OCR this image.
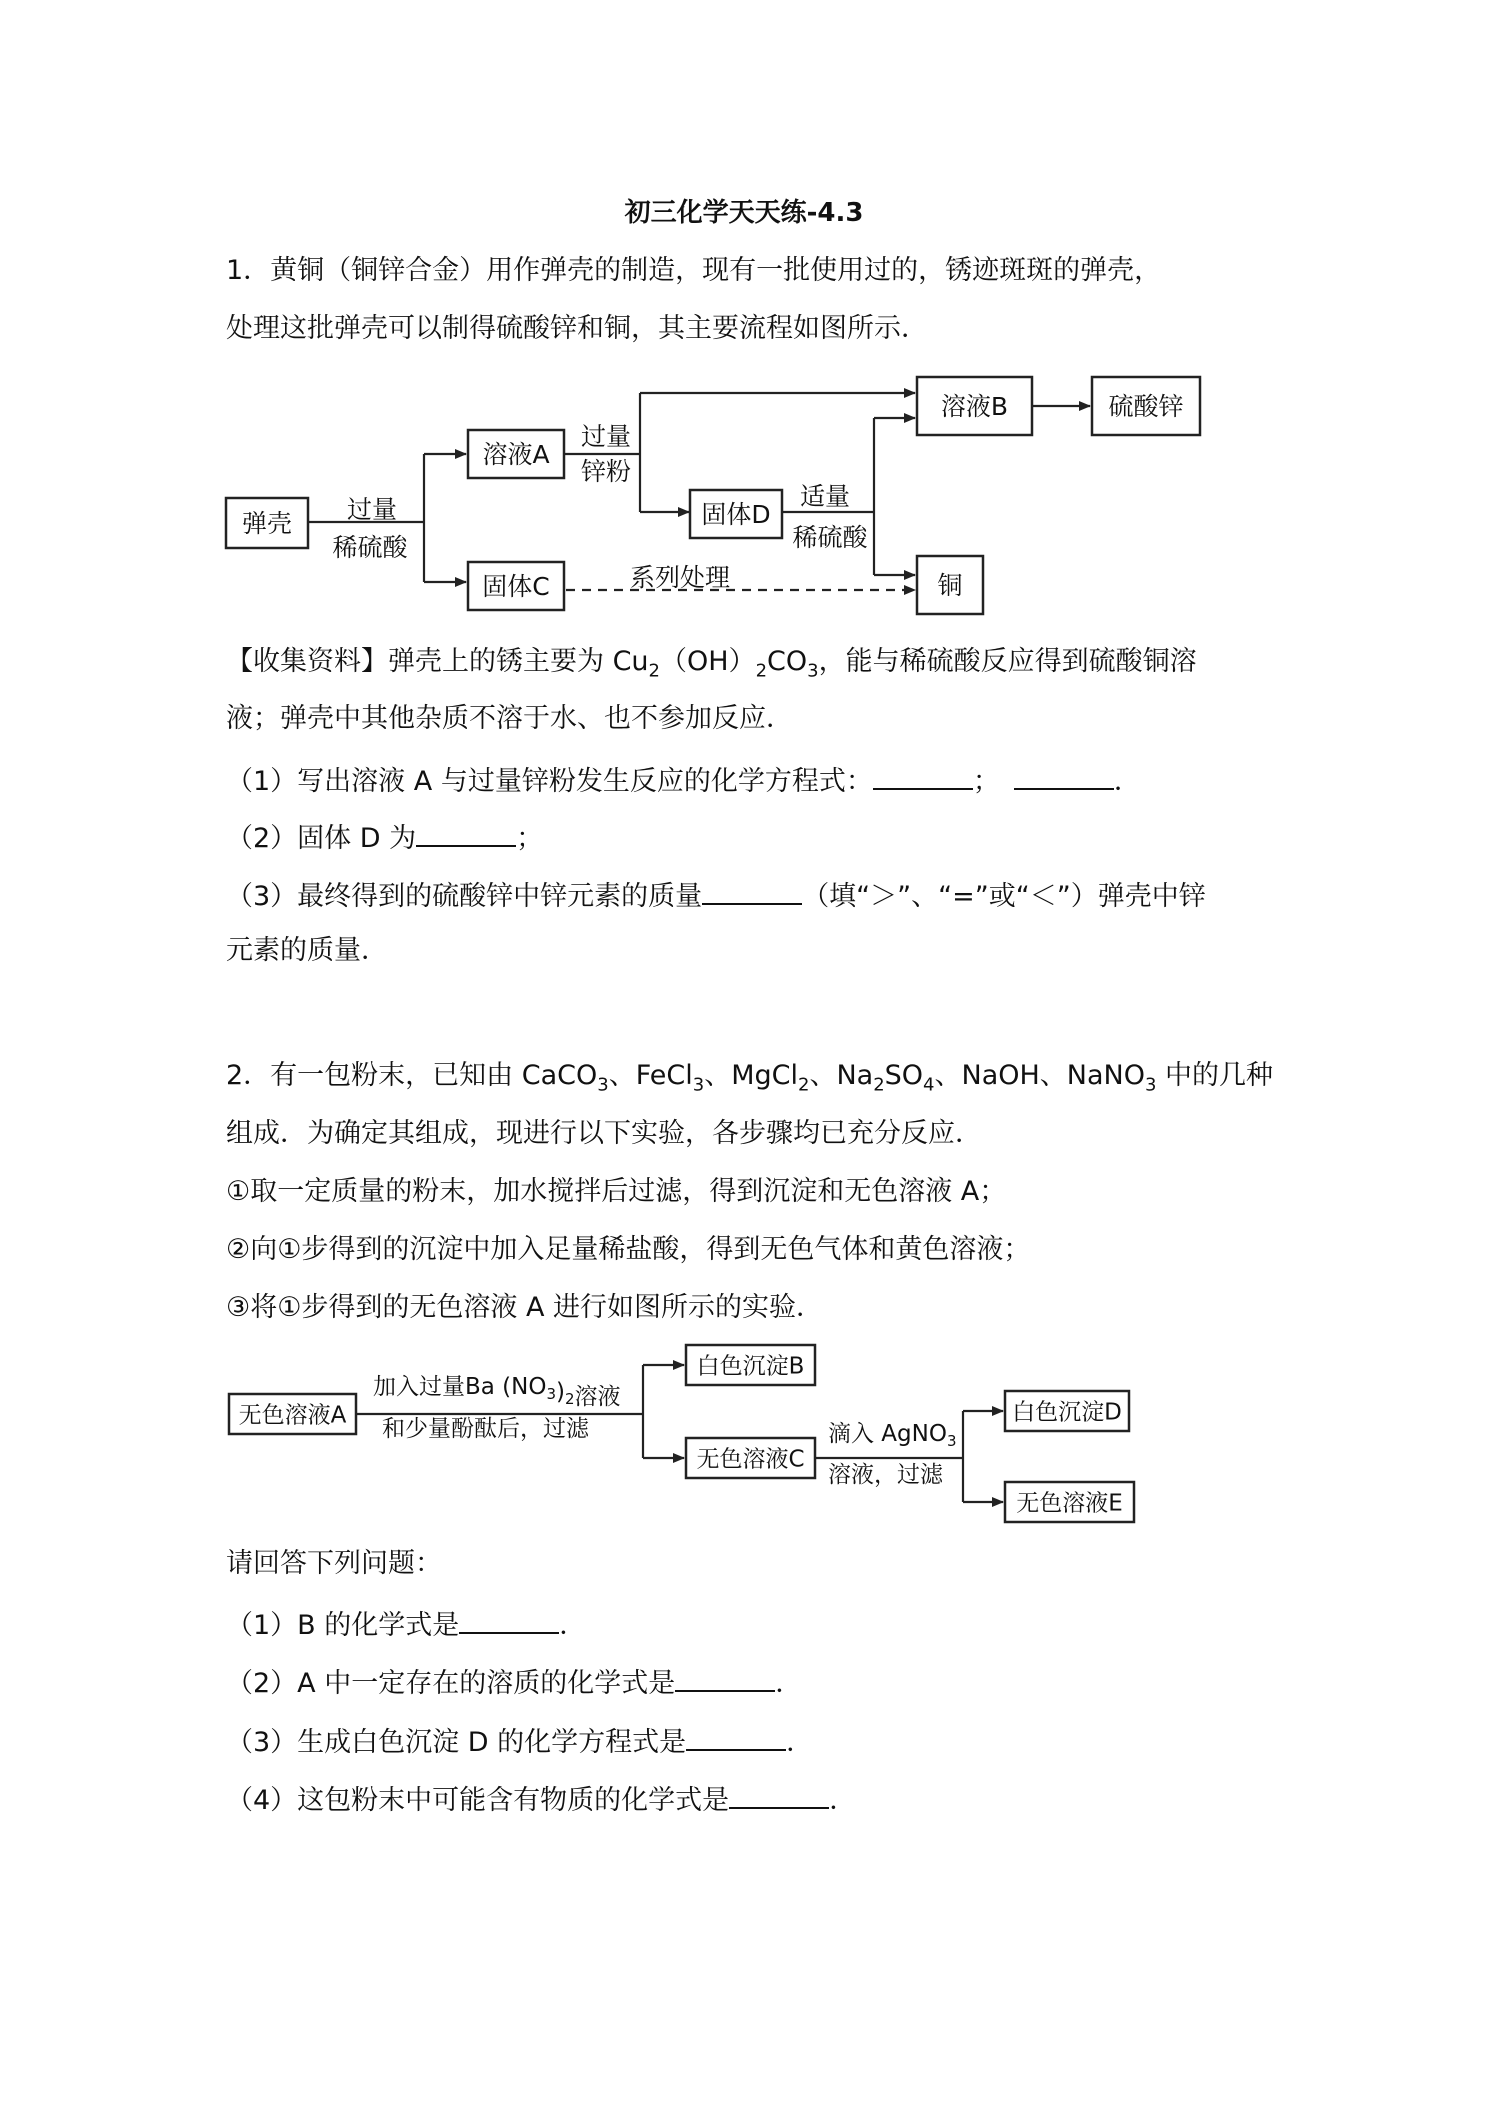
初三化学天天练-4.3
1．黄铜（铜锌合金）用作弹壳的制造，现有一批使用过的，锈迹斑斑的弹壳，
处理这批弹壳可以制得硫酸锌和铜，其主要流程如图所示．
弹壳
溶液A
固体C
固体D
溶液B	硫酸锌
铜
过量
稀硫酸
过量
锌粉
适量
稀硫酸
系列处理
【收集资料】弹壳上的锈主要为 $Cu_2(OH)_2CO_3$，能与稀硫酸反应得到硫酸铜溶
液；弹壳中其他杂质不溶于水、也不参加反应．
（1）写出溶液 A 与过量锌粉发生反应的化学方程式：	；	．
（2）固体 D 为	；
（3）最终得到的硫酸锌中锌元素的质量	（填“＞”、“=”或“＜”）弹壳中锌
元素的质量．
2．有一包粉末，已知由 CaCO$_3$、FeCl$_3$、MgCl$_2$、$Na_2SO_4$、NaOH、NaNO$_3$ 中的几种
组成．为确定其组成，现进行以下实验，各步骤均已充分反应．
①取一定质量的粉末，加水搅拌后过滤，得到沉淀和无色溶液 A；
②向①步得到的沉淀中加入足量稀盐酸，得到无色气体和黄色溶液；
③将①步得到的无色溶液 A 进行如图所示的实验．
无色溶液A
白色沉淀B
无色溶液C
白色沉淀D
无色溶液E
加入过量Ba $(NO_3)_2$溶液
和少量酚酞后，过滤	滴入 AgNO$_3$
溶液，过滤
请回答下列问题：
（1）B 的化学式是	．
（2）A 中一定存在的溶质的化学式是	．
（3）生成白色沉淀 D 的化学方程式是	．
（4）这包粉末中可能含有物质的化学式是	．
